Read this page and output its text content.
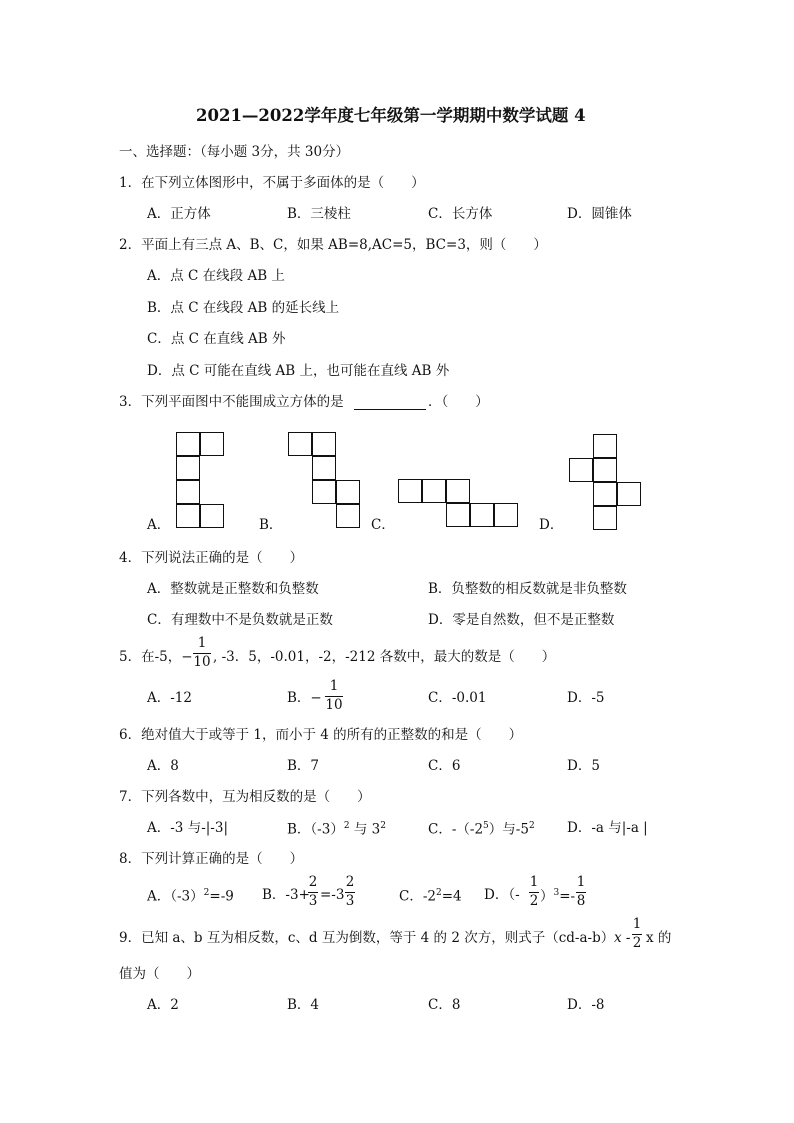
2021—2022学年度七年级第一学期期中数学试题 4
一、选择题：（每小题 3分，共 30分）
1．在下列立体图形中，不属于多面体的是（　　）
A．正方体	B．三棱柱	C．长方体	D．圆锥体
2．平面上有三点 A、B、C，如果 AB=8,AC=5，BC=3，则（　　）
A．点 C 在线段 AB 上
B．点 C 在线段 AB 的延长线上
C．点 C 在直线 AB 外
D．点 C 可能在直线 AB 上，也可能在直线 AB 外
3．下列平面图中不能围成立方体的是	．（　　）
A．	B．	C．	D．
4．下列说法正确的是（　　）
A．整数就是正整数和负整数	B．负整数的相反数就是非负整数
C．有理数中不是负数就是正数	D．零是自然数，但不是正整数
5．在-5，−
1
10 , -3．5，-0.01，-2，-212 各数中，最大的数是（　　）
A．-12	B．−
1
10	C．-0.01	D．-5
6．绝对值大于或等于 1，而小于 4 的所有的正整数的和是（　　）
A．8	B．7	C．6	D．5
7．下列各数中，互为相反数的是（　　）
A．-3 与-|-3|	B．$(-3)^2$ 与 $3^2$	C．$-(-2^5)$与$-5^2$ D．-a 与|-a |
8．下列计算正确的是（　　）
A．$(-3)^2=-9$ B．-3+
2
3 =-3
2
3	C．$-2^2=4$ D．（-
1
2 ）$^3$=-
1
8
9．已知 a、b 互为相反数，c、d 互为倒数，等于 4 的 2 次方，则式子（cd-a-b） x -
1
2 x 的
值为（　　）
A．2	B．4	C．8	D．-8
